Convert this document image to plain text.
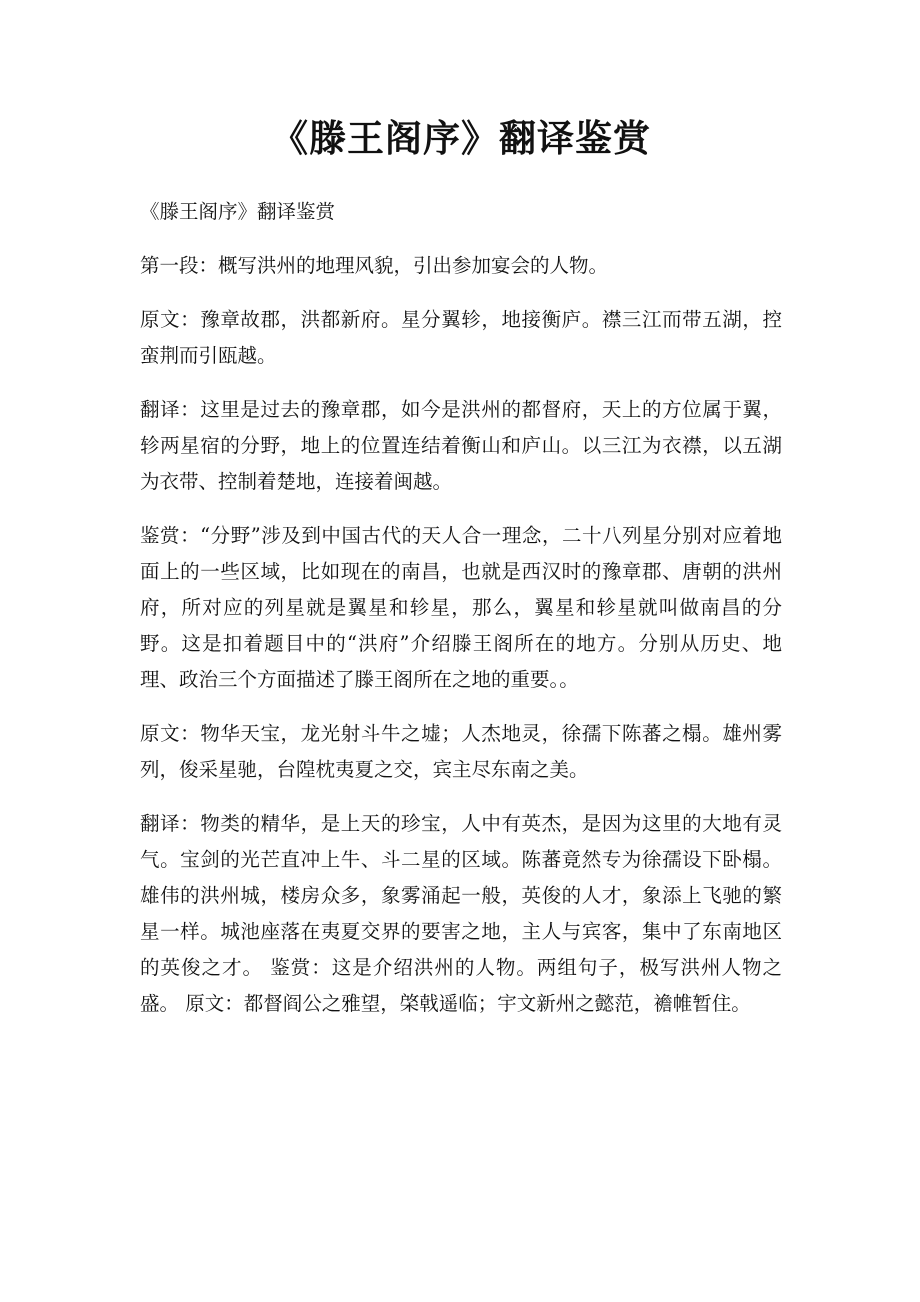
《滕王阁序》翻译鉴赏

《滕王阁序》翻译鉴赏

第一段：概写洪州的地理风貌，引出参加宴会的人物。

原文：豫章故郡，洪都新府。星分翼轸，地接衡庐。襟三江而带五湖，控蛮荆而引瓯越。

翻译：这里是过去的豫章郡，如今是洪州的都督府，天上的方位属于翼，轸两星宿的分野，地上的位置连结着衡山和庐山。以三江为衣襟，以五湖为衣带、控制着楚地，连接着闽越。

鉴赏：“分野”涉及到中国古代的天人合一理念，二十八列星分别对应着地面上的一些区域，比如现在的南昌，也就是西汉时的豫章郡、唐朝的洪州府，所对应的列星就是翼星和轸星，那么，翼星和轸星就叫做南昌的分野。这是扣着题目中的“洪府”介绍滕王阁所在的地方。分别从历史、地理、政治三个方面描述了滕王阁所在之地的重要。。

原文：物华天宝，龙光射斗牛之墟；人杰地灵，徐孺下陈蕃之榻。雄州雾列，俊采星驰，台隍枕夷夏之交，宾主尽东南之美。

翻译：物类的精华，是上天的珍宝，人中有英杰，是因为这里的大地有灵气。宝剑的光芒直冲上牛、斗二星的区域。陈蕃竟然专为徐孺设下卧榻。雄伟的洪州城，楼房众多，象雾涌起一般，英俊的人才，象添上飞驰的繁星一样。城池座落在夷夏交界的要害之地，主人与宾客，集中了东南地区的英俊之才。 鉴赏：这是介绍洪州的人物。两组句子，极写洪州人物之盛。 原文：都督阎公之雅望，棨戟遥临；宇文新州之懿范，襜帷暂住。
